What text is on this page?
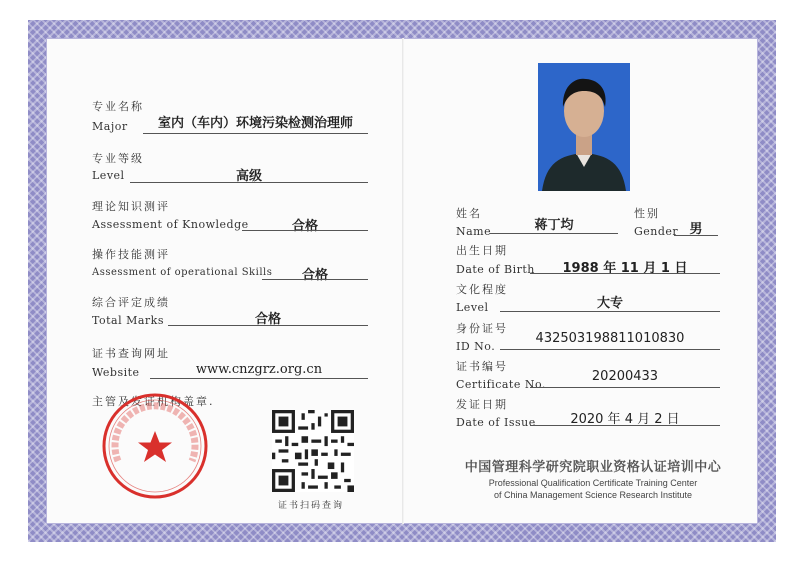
专业名称
Major	室内（车内）环境污染检测治理师
专业等级
Level	高级
理论知识测评
Assessment of Knowledge	合格
操作技能测评
Assessment of operational Skills	合格
综合评定成绩
Total Marks	合格
证书查询网址
Website	www.cnzgrz.org.cn
主管及发证机构盖章.
证书扫码查询
姓名
Name	蒋丁均
性别
Gender 男
出生日期
Date of Birth	1988 年 11 月 1 日
文化程度
Level	大专
身份证号
ID No.
432503198811010830
证书编号
Certificate No.
20200433
发证日期
Date of Issue	2020 年 4 月 2 日
中国管理科学研究院职业资格认证培训中心
Professional Qualification Certificate Training Center
of China Management Science Research Institute
